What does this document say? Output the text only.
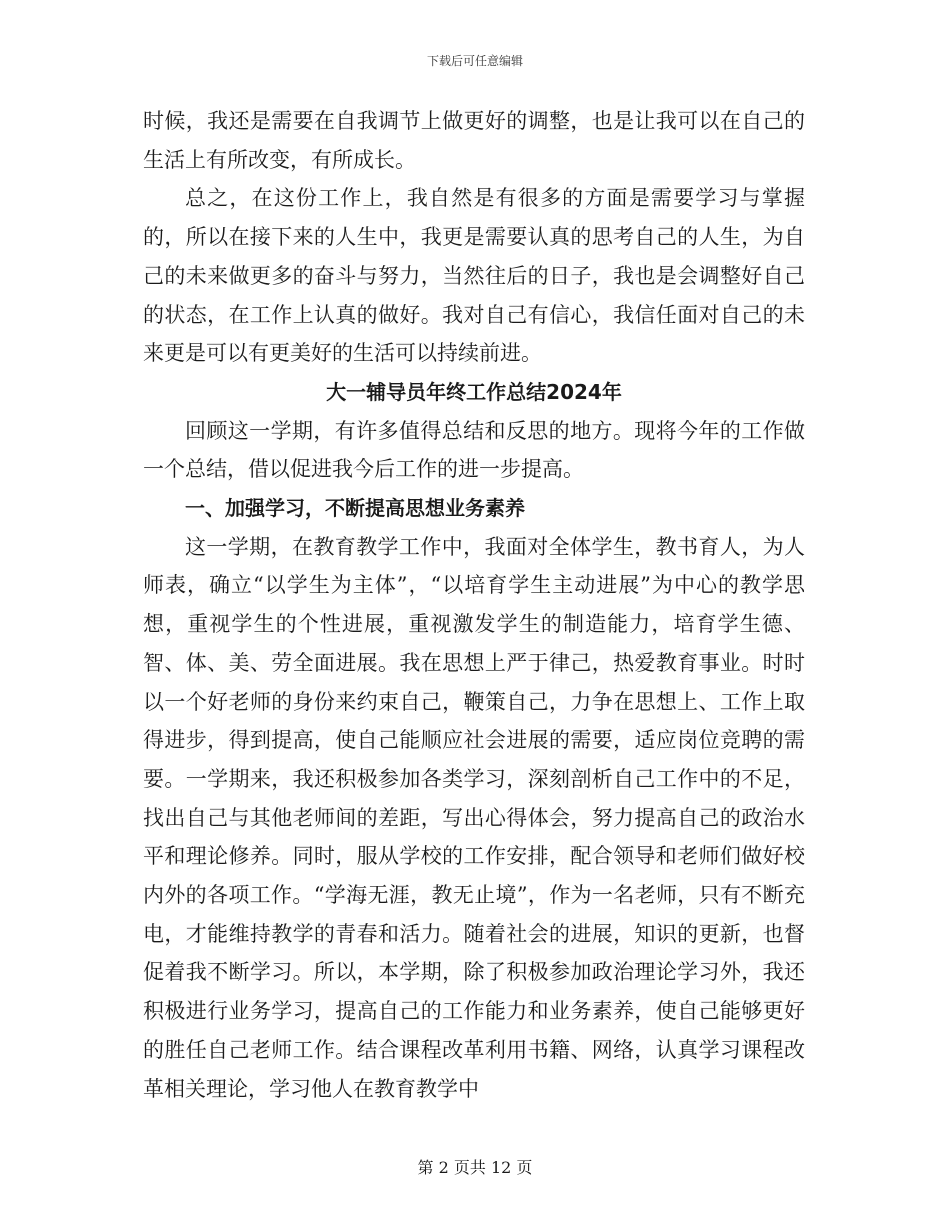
下载后可任意编辑

时候，我还是需要在自我调节上做更好的调整，也是让我可以在自己的生活上有所改变，有所成长。

总之，在这份工作上，我自然是有很多的方面是需要学习与掌握的，所以在接下来的人生中，我更是需要认真的思考自己的人生，为自己的未来做更多的奋斗与努力，当然往后的日子，我也是会调整好自己的状态，在工作上认真的做好。我对自己有信心，我信任面对自己的未来更是可以有更美好的生活可以持续前进。

大一辅导员年终工作总结2024年

回顾这一学期，有许多值得总结和反思的地方。现将今年的工作做一个总结，借以促进我今后工作的进一步提高。

一、加强学习，不断提高思想业务素养

这一学期，在教育教学工作中，我面对全体学生，教书育人，为人师表，确立“以学生为主体”，“以培育学生主动进展”为中心的教学思想，重视学生的个性进展，重视激发学生的制造能力，培育学生德、智、体、美、劳全面进展。我在思想上严于律己，热爱教育事业。时时以一个好老师的身份来约束自己，鞭策自己，力争在思想上、工作上取得进步，得到提高，使自己能顺应社会进展的需要，适应岗位竞聘的需要。一学期来，我还积极参加各类学习，深刻剖析自己工作中的不足，找出自己与其他老师间的差距，写出心得体会，努力提高自己的政治水平和理论修养。同时，服从学校的工作安排，配合领导和老师们做好校内外的各项工作。“学海无涯，教无止境”，作为一名老师，只有不断充电，才能维持教学的青春和活力。随着社会的进展，知识的更新，也督促着我不断学习。所以，本学期，除了积极参加政治理论学习外，我还积极进行业务学习，提高自己的工作能力和业务素养，使自己能够更好的胜任自己老师工作。结合课程改革利用书籍、网络，认真学习课程改革相关理论，学习他人在教育教学中

第 2 页共 12 页
